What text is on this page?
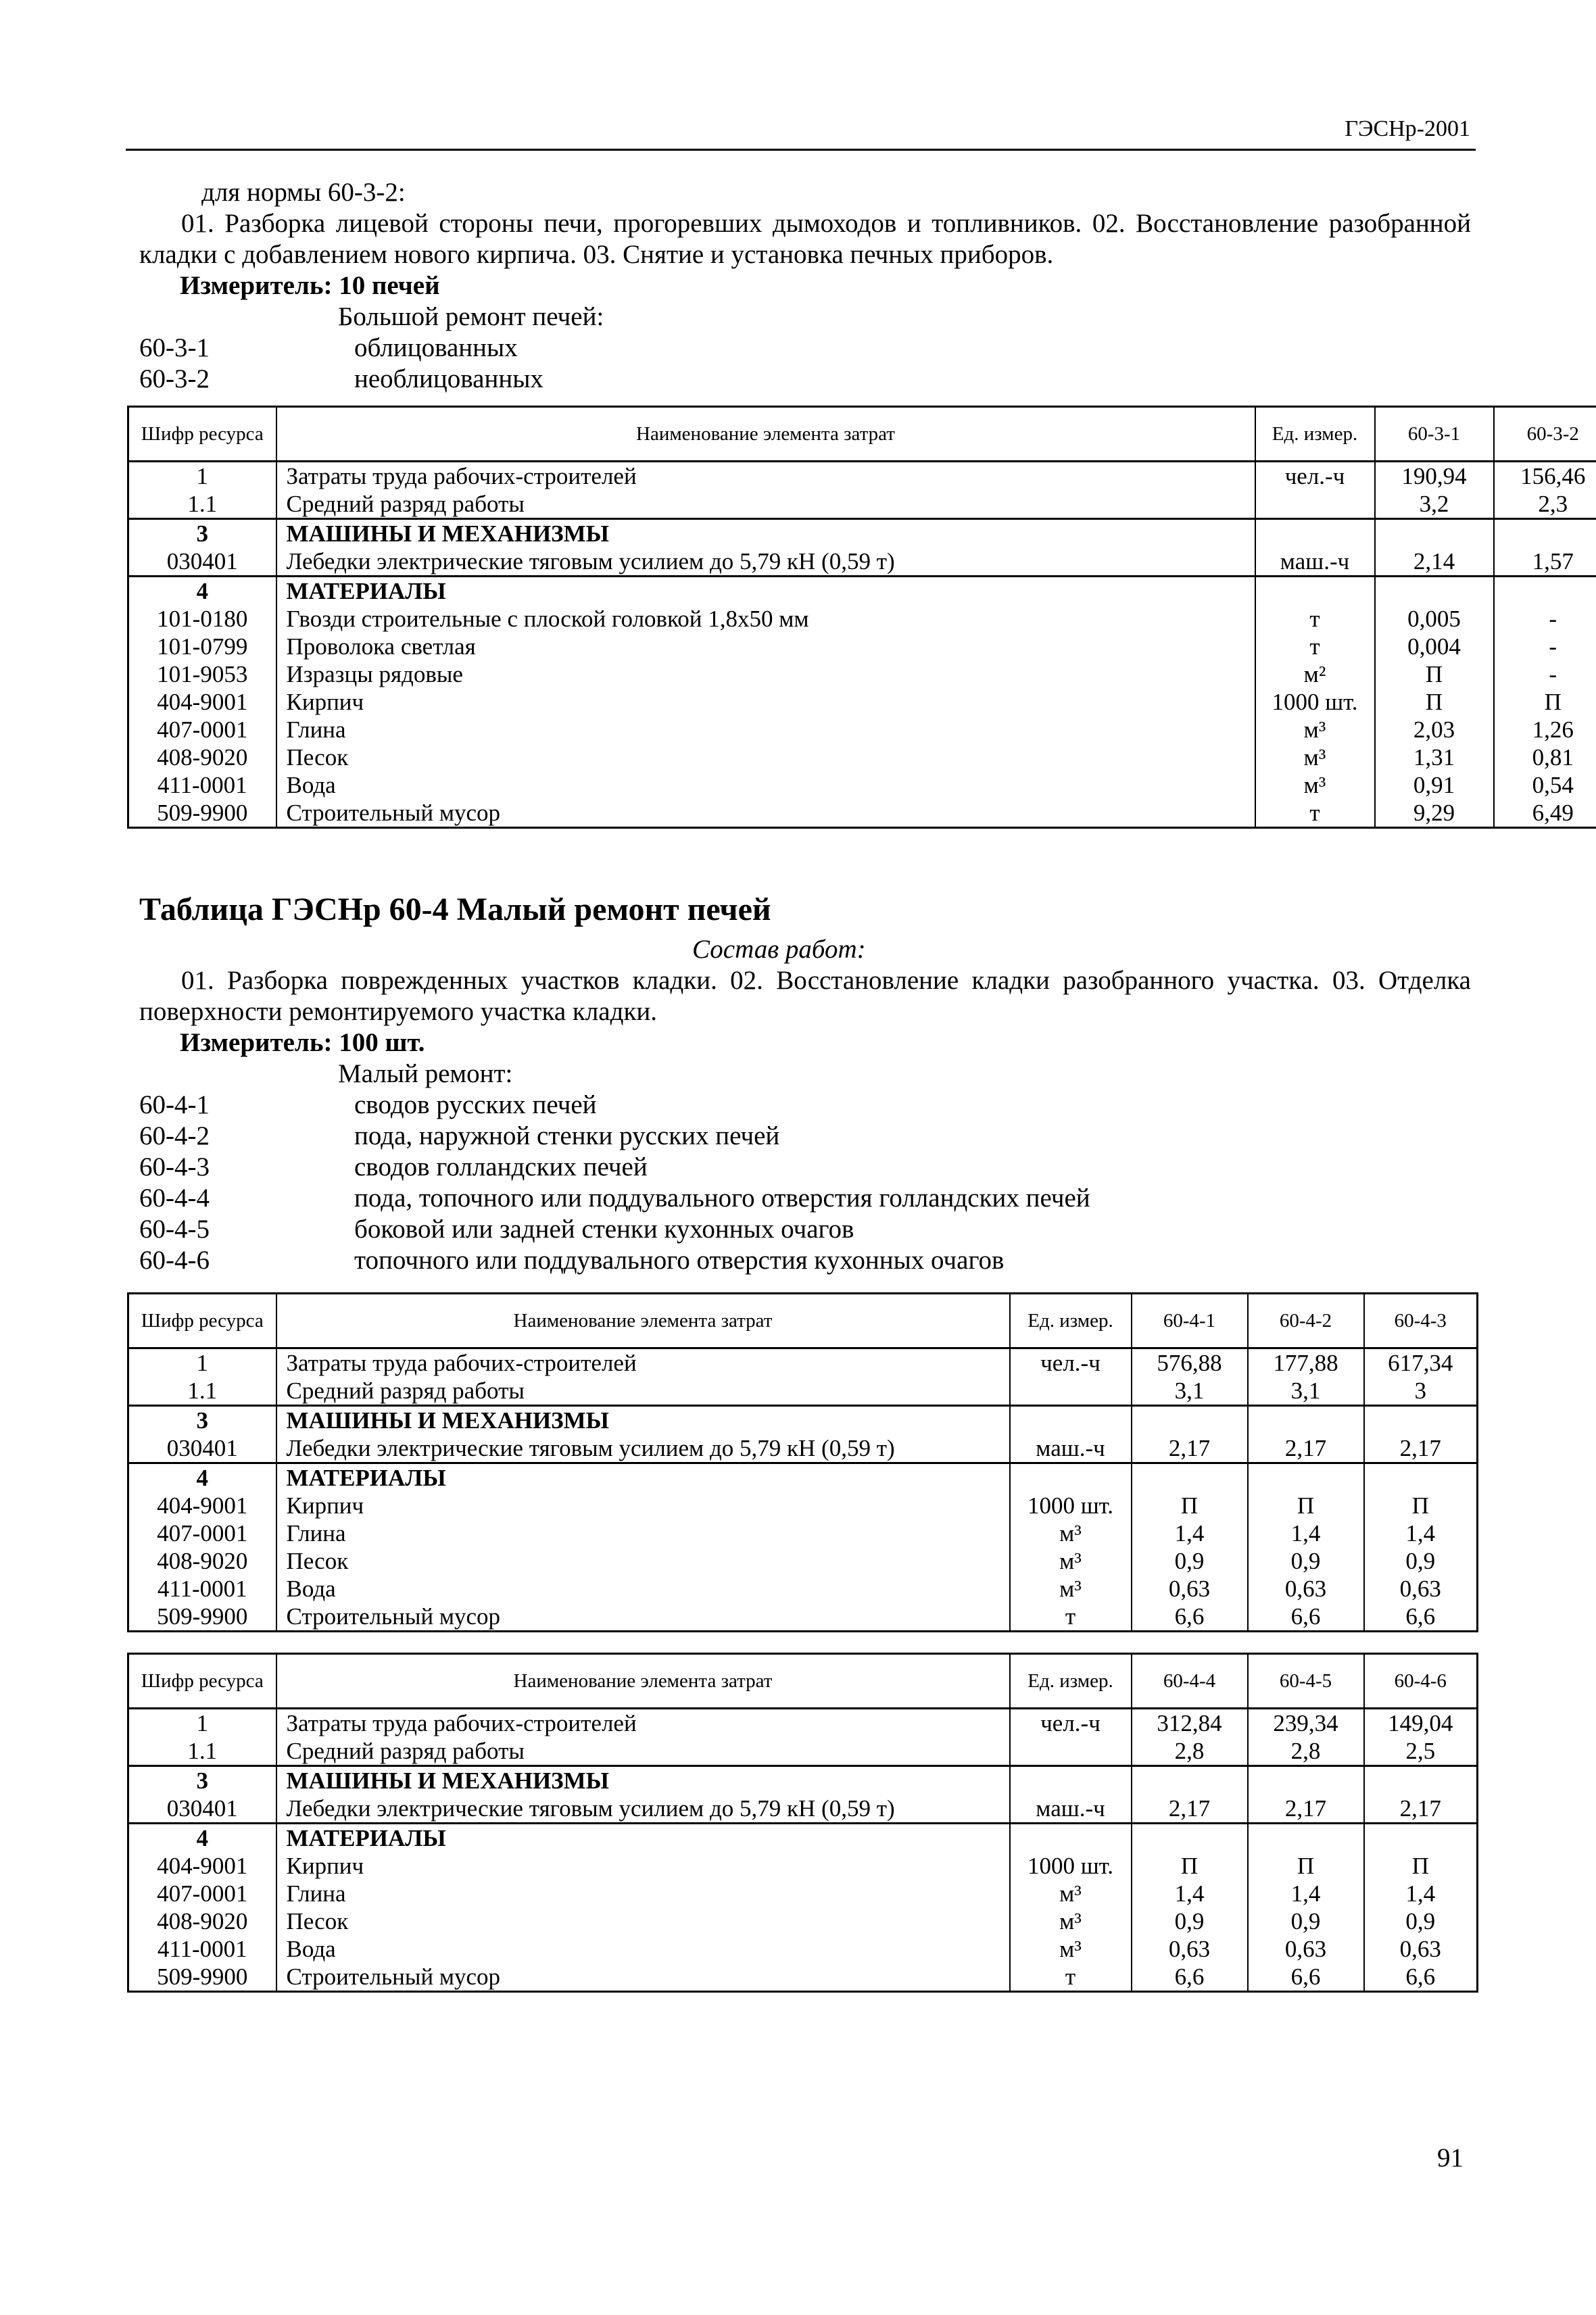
ГЭСНр-2001
для нормы 60-3-2:
01. Разборка лицевой стороны печи, прогоревших дымоходов и топливников. 02. Восстановление разобранной кладки с добавлением нового кирпича. 03. Снятие и установка печных приборов.
Измеритель: 10 печей
Большой ремонт печей:
60-3-1	облицованных
60-3-2	необлицованных
Шифр ресурса	Наименование элемента затрат	Ед. измер.	60-3-1	60-3-2
1	Затраты труда рабочих-строителей	чел.-ч	190,94	156,46
1.1	Средний разряд работы		3,2	2,3
3	МАШИНЫ И МЕХАНИЗМЫ			
030401	Лебедки электрические тяговым усилием до 5,79 кН (0,59 т)	маш.-ч	2,14	1,57
4	МАТЕРИАЛЫ			
101-0180	Гвозди строительные с плоской головкой 1,8х50 мм	т	0,005	-
101-0799	Проволока светлая	т	0,004	-
101-9053	Изразцы рядовые	м²	П	-
404-9001	Кирпич	1000 шт.	П	П
407-0001	Глина	м³	2,03	1,26
408-9020	Песок	м³	1,31	0,81
411-0001	Вода	м³	0,91	0,54
509-9900	Строительный мусор	т	9,29	6,49
Таблица ГЭСНр 60-4 Малый ремонт печей
Состав работ:
01. Разборка поврежденных участков кладки. 02. Восстановление кладки разобранного участка. 03. Отделка поверхности ремонтируемого участка кладки.
Измеритель: 100 шт.
Малый ремонт:
60-4-1	сводов русских печей
60-4-2	пода, наружной стенки русских печей
60-4-3	сводов голландских печей
60-4-4	пода, топочного или поддувального отверстия голландских печей
60-4-5	боковой или задней стенки кухонных очагов
60-4-6	топочного или поддувального отверстия кухонных очагов
Шифр ресурса	Наименование элемента затрат	Ед. измер.	60-4-1	60-4-2	60-4-3
1	Затраты труда рабочих-строителей	чел.-ч	576,88	177,88	617,34
1.1	Средний разряд работы		3,1	3,1	3
3	МАШИНЫ И МЕХАНИЗМЫ				
030401	Лебедки электрические тяговым усилием до 5,79 кН (0,59 т)	маш.-ч	2,17	2,17	2,17
4	МАТЕРИАЛЫ				
404-9001	Кирпич	1000 шт.	П	П	П
407-0001	Глина	м³	1,4	1,4	1,4
408-9020	Песок	м³	0,9	0,9	0,9
411-0001	Вода	м³	0,63	0,63	0,63
509-9900	Строительный мусор	т	6,6	6,6	6,6
Шифр ресурса	Наименование элемента затрат	Ед. измер.	60-4-4	60-4-5	60-4-6
1	Затраты труда рабочих-строителей	чел.-ч	312,84	239,34	149,04
1.1	Средний разряд работы		2,8	2,8	2,5
3	МАШИНЫ И МЕХАНИЗМЫ				
030401	Лебедки электрические тяговым усилием до 5,79 кН (0,59 т)	маш.-ч	2,17	2,17	2,17
4	МАТЕРИАЛЫ				
404-9001	Кирпич	1000 шт.	П	П	П
407-0001	Глина	м³	1,4	1,4	1,4
408-9020	Песок	м³	0,9	0,9	0,9
411-0001	Вода	м³	0,63	0,63	0,63
509-9900	Строительный мусор	т	6,6	6,6	6,6
91
